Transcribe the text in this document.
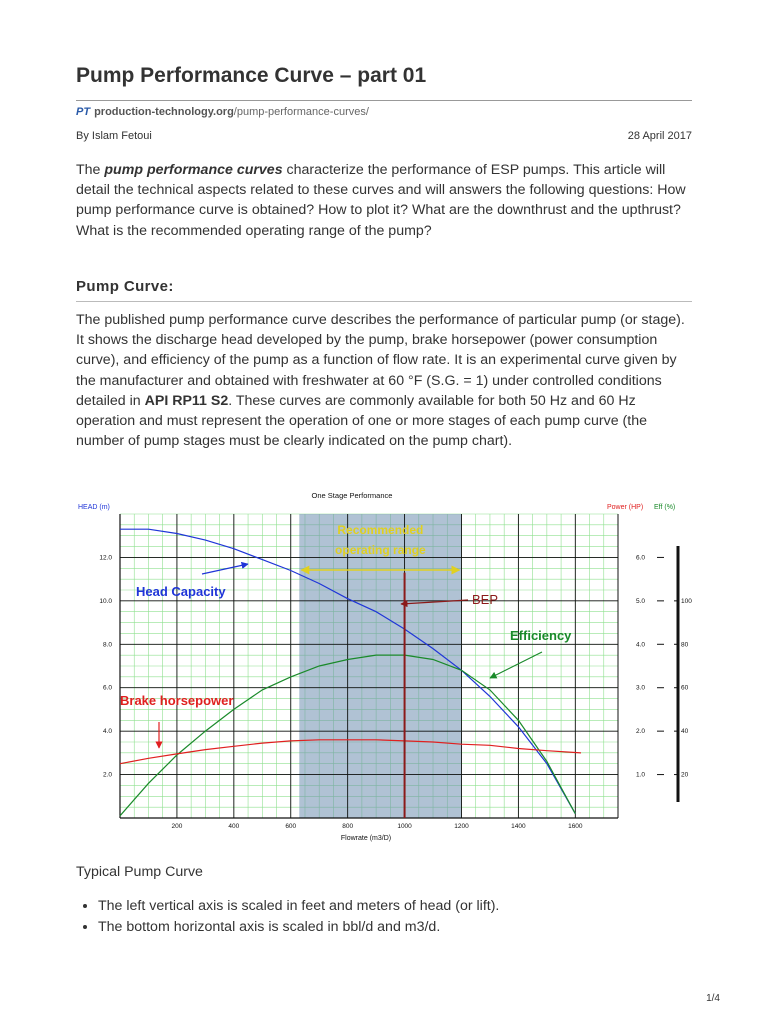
Pump Performance Curve – part 01
PT production-technology.org/pump-performance-curves/
By Islam Fetoui	28 April 2017
The pump performance curves characterize the performance of ESP pumps. This article will detail the technical aspects related to these curves and will answers the following questions: How pump performance curve is obtained? How to plot it? What are the downthrust and the upthrust? What is the recommended operating range of the pump?
Pump Curve:
The published pump performance curve describes the performance of particular pump (or stage). It shows the discharge head developed by the pump, brake horsepower (power consumption curve), and efficiency of the pump as a function of flow rate. It is an experimental curve given by the manufacturer and obtained with freshwater at 60 °F (S.G. = 1) under controlled conditions detailed in API RP11 S2. These curves are commonly available for both 50 Hz and 60 Hz operation and must represent the operation of one or more stages of each pump curve (the number of pump stages must be clearly indicated on the pump chart).
200	400	600	800	1000	1200	1400	1600
2.0
4.0
6.0
8.0
10.0
12.0
1.0
2.0
3.0
4.0
5.0
6.0
20
40
60
80
100
Recommended
operating range
Head Capacity
BEP
Efficiency
Brake horsepower
One Stage Performance
HEAD (m)	Power (HP) Eff (%)
Flowrate (m3/D)
Typical Pump Curve
• The left vertical axis is scaled in feet and meters of head (or lift).
• The bottom horizontal axis is scaled in bbl/d and m3/d.
1/4
